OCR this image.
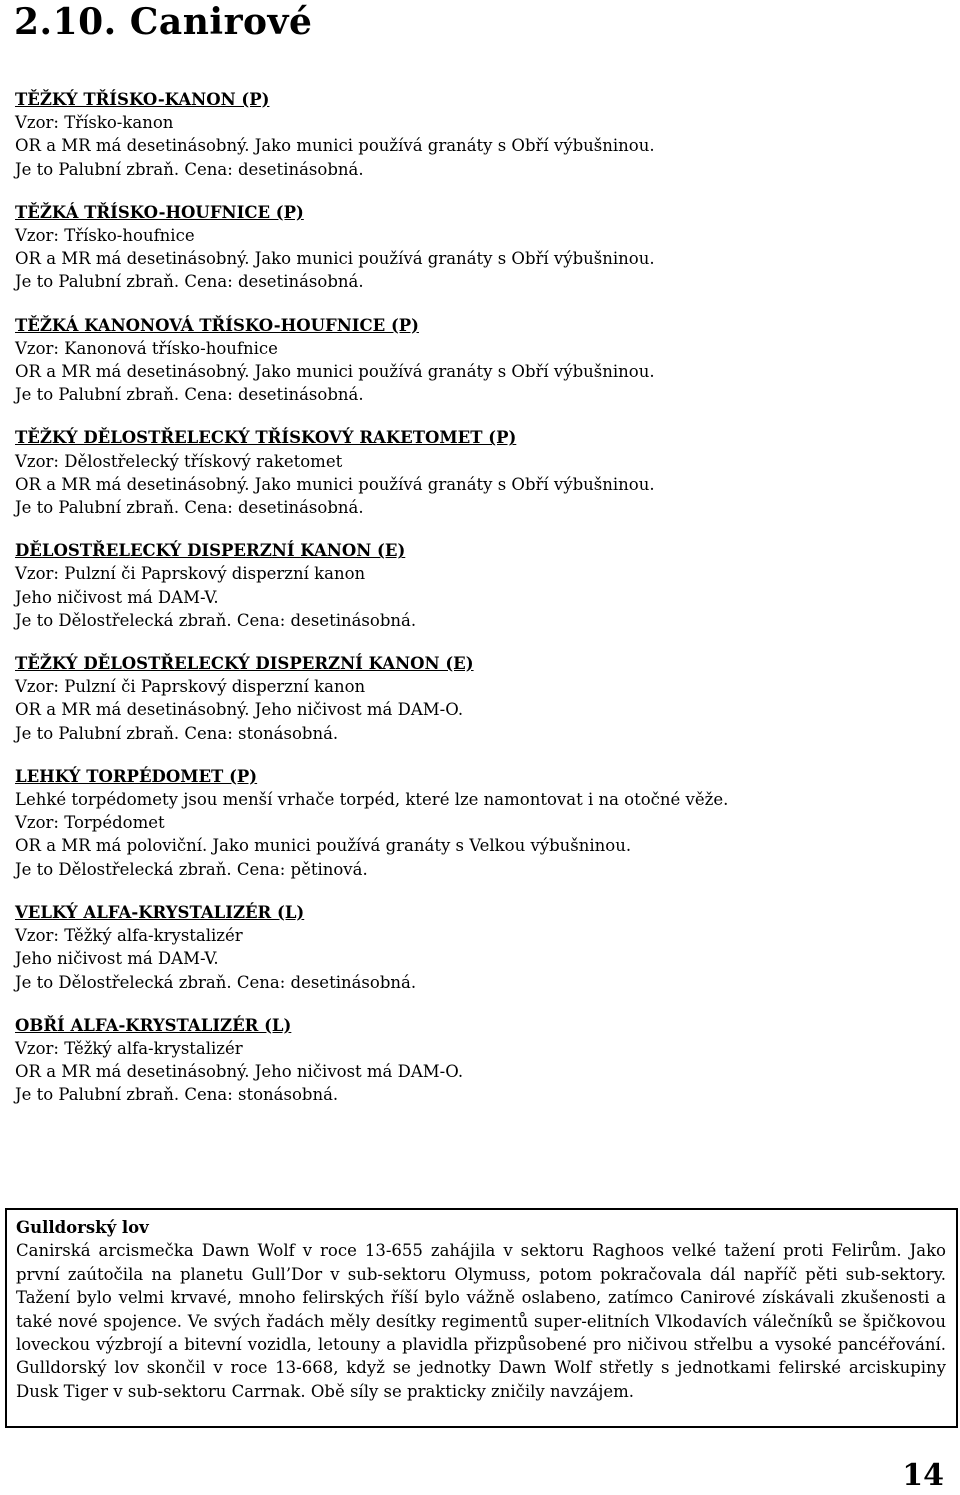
2.10. Canirové
TĚŽKÝ TŘÍSKO-KANON (P)
Vzor: Třísko-kanon
OR a MR má desetinásobný. Jako munici používá granáty s Obří výbušninou.
Je to Palubní zbraň. Cena: desetinásobná.
TĚŽKÁ TŘÍSKO-HOUFNICE (P)
Vzor: Třísko-houfnice
OR a MR má desetinásobný. Jako munici používá granáty s Obří výbušninou.
Je to Palubní zbraň. Cena: desetinásobná.
TĚŽKÁ KANONOVÁ TŘÍSKO-HOUFNICE (P)
Vzor: Kanonová třísko-houfnice
OR a MR má desetinásobný. Jako munici používá granáty s Obří výbušninou.
Je to Palubní zbraň. Cena: desetinásobná.
TĚŽKÝ DĚLOSTŘELECKÝ TŘÍSKOVÝ RAKETOMET (P)
Vzor: Dělostřelecký třískový raketomet
OR a MR má desetinásobný. Jako munici používá granáty s Obří výbušninou.
Je to Palubní zbraň. Cena: desetinásobná.
DĚLOSTŘELECKÝ DISPERZNÍ KANON (E)
Vzor: Pulzní či Paprskový disperzní kanon
Jeho ničivost má DAM-V.
Je to Dělostřelecká zbraň. Cena: desetinásobná.
TĚŽKÝ DĚLOSTŘELECKÝ DISPERZNÍ KANON (E)
Vzor: Pulzní či Paprskový disperzní kanon
OR a MR má desetinásobný. Jeho ničivost má DAM-O.
Je to Palubní zbraň. Cena: stonásobná.
LEHKÝ TORPÉDOMET (P)
Lehké torpédomety jsou menší vrhače torpéd, které lze namontovat i na otočné věže.
Vzor: Torpédomet
OR a MR má poloviční. Jako munici používá granáty s Velkou výbušninou.
Je to Dělostřelecká zbraň. Cena: pětinová.
VELKÝ ALFA-KRYSTALIZÉR (L)
Vzor: Těžký alfa-krystalizér
Jeho ničivost má DAM-V.
Je to Dělostřelecká zbraň. Cena: desetinásobná.
OBŘÍ ALFA-KRYSTALIZÉR (L)
Vzor: Těžký alfa-krystalizér
OR a MR má desetinásobný. Jeho ničivost má DAM-O.
Je to Palubní zbraň. Cena: stonásobná.
Gulldorský lov
Canirská arcismečka Dawn Wolf v roce 13-655 zahájila v sektoru Raghoos velké tažení proti Felirům. Jako první zaútočila na planetu Gull’Dor v sub-sektoru Olymuss, potom pokračovala dál napříč pěti sub-sektory. Tažení bylo velmi krvavé, mnoho felirských říší bylo vážně oslabeno, zatímco Canirové získávali zkušenosti a také nové spojence. Ve svých řadách měly desítky regimentů super-elitních Vlkodavích válečníků se špičkovou loveckou výzbrojí a bitevní vozidla, letouny a plavidla přizpůsobené pro ničivou střelbu a vysoké pancéřování. Gulldorský lov skončil v roce 13-668, když se jednotky Dawn Wolf střetly s jednotkami felirské arciskupiny Dusk Tiger v sub-sektoru Carrnak. Obě síly se prakticky zničily navzájem.
14
